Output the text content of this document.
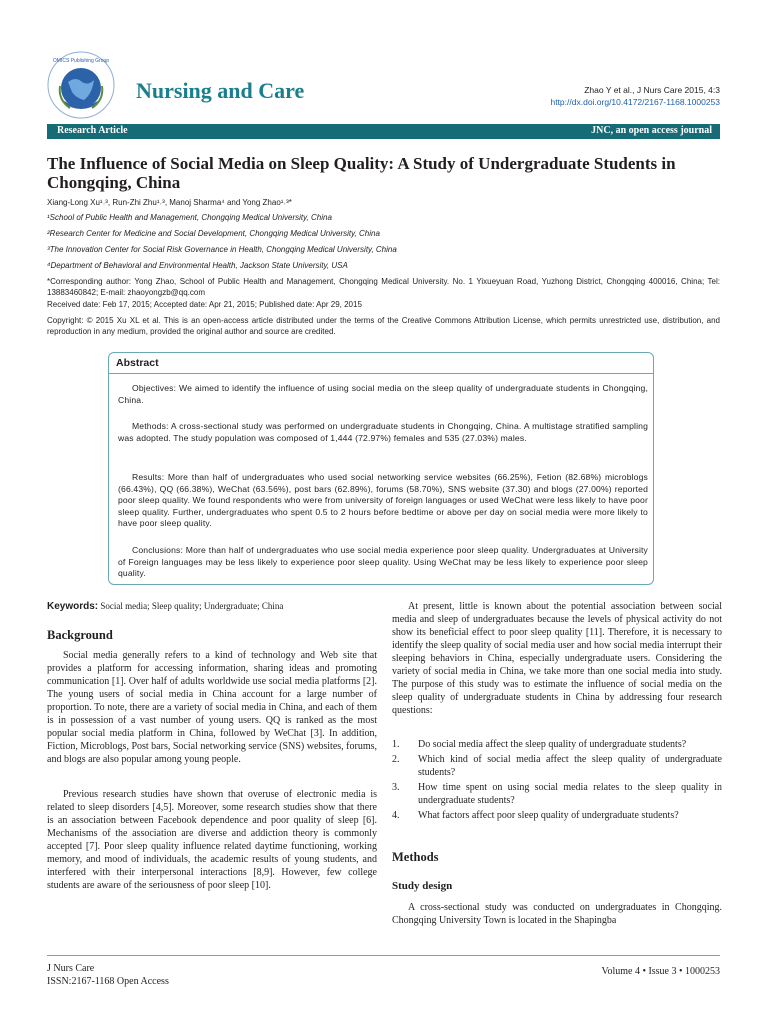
OMICS Publishing Group
Nursing and Care	Zhao Y et al., J Nurs Care 2015, 4:3
http://dx.doi.org/10.4172/2167-1168.1000253
Research Article	JNC, an open access journal
The Influence of Social Media on Sleep Quality: A Study of Undergraduate Students in Chongqing, China
Xiang-Long Xu¹˒³, Run-Zhi Zhu¹˒³, Manoj Sharma⁴ and Yong Zhao¹˒³*
¹School of Public Health and Management, Chongqing Medical University, China
²Research Center for Medicine and Social Development, Chongqing Medical University, China
³The Innovation Center for Social Risk Governance in Health, Chongqing Medical University, China
⁴Department of Behavioral and Environmental Health, Jackson State University, USA
*Corresponding author: Yong Zhao, School of Public Health and Management, Chongqing Medical University. No. 1 Yixueyuan Road, Yuzhong District, Chongqing 400016, China; Tel: 13883460842; E-mail: zhaoyongzb@qq.com
Received date: Feb 17, 2015; Accepted date: Apr 21, 2015; Published date: Apr 29, 2015
Copyright: © 2015 Xu XL et al. This is an open-access article distributed under the terms of the Creative Commons Attribution License, which permits unrestricted use, distribution, and reproduction in any medium, provided the original author and source are credited.
Abstract

Objectives: We aimed to identify the influence of using social media on the sleep quality of undergraduate students in Chongqing, China.

Methods: A cross-sectional study was performed on undergraduate students in Chongqing, China. A multistage stratified sampling was adopted. The study population was composed of 1,444 (72.97%) females and 535 (27.03%) males.

Results: More than half of undergraduates who used social networking service websites (66.25%), Fetion (82.68%) microblogs (66.43%), QQ (66.38%), WeChat (63.56%), post bars (62.89%), forums (58.70%), SNS website (37.30) and blogs (27.00%) reported poor sleep quality. We found respondents who were from university of foreign languages or used WeChat were less likely to have poor sleep quality. Further, undergraduates who spent 0.5 to 2 hours before bedtime or above per day on social media were more likely to have poor sleep quality.

Conclusions: More than half of undergraduates who use social media experience poor sleep quality. Undergraduates at University of Foreign languages may be less likely to experience poor sleep quality. Using WeChat may be less likely to experience poor sleep quality.

Keywords: Social media; Sleep quality; Undergraduate; China
Background

Social media generally refers to a kind of technology and Web site that provides a platform for accessing information, sharing ideas and promoting communication [1]. Over half of adults worldwide use social media platforms [2]. The young users of social media in China account for a large number of proportion. To note, there are a variety of social media in China, and each of them is in possession of a vast number of young users. QQ is ranked as the most popular social media platform in China, followed by WeChat [3]. In addition, Fiction, Microblogs, Post bars, Social networking service (SNS) websites, forums, and blogs are also popular among young people.

Previous research studies have shown that overuse of electronic media is related to sleep disorders [4,5]. Moreover, some research studies show that there is an association between Facebook dependence and poor quality of sleep [6]. Mechanisms of the association are diverse and addiction theory is commonly accepted [7]. Poor sleep quality influence related daytime functioning, working memory, and mood of individuals, the academic results of young students, and interfered with their interpersonal interactions [8,9]. However, few college students are aware of the seriousness of poor sleep [10].

At present, little is known about the potential association between social media and sleep of undergraduates because the levels of physical activity do not show its beneficial effect to poor sleep quality [11]. Therefore, it is necessary to identify the sleep quality of social media user and how social media interrupt their sleeping behaviors in China, especially undergraduate users. Considering the variety of social media in China, we take more than one social media into study. The purpose of this study was to estimate the influence of social media on the sleep quality of undergraduate students in China by addressing four research questions:

1. Do social media affect the sleep quality of undergraduate students?
2. Which kind of social media affect the sleep quality of undergraduate students?
3. How time spent on using social media relates to the sleep quality in undergraduate students?
4. What factors affect poor sleep quality of undergraduate students?
Methods
Study design

A cross-sectional study was conducted on undergraduates in Chongqing. Chongqing University Town is located in the Shapingba

J Nurs Care
ISSN:2167-1168 Open Access
Volume 4 • Issue 3 • 1000253
